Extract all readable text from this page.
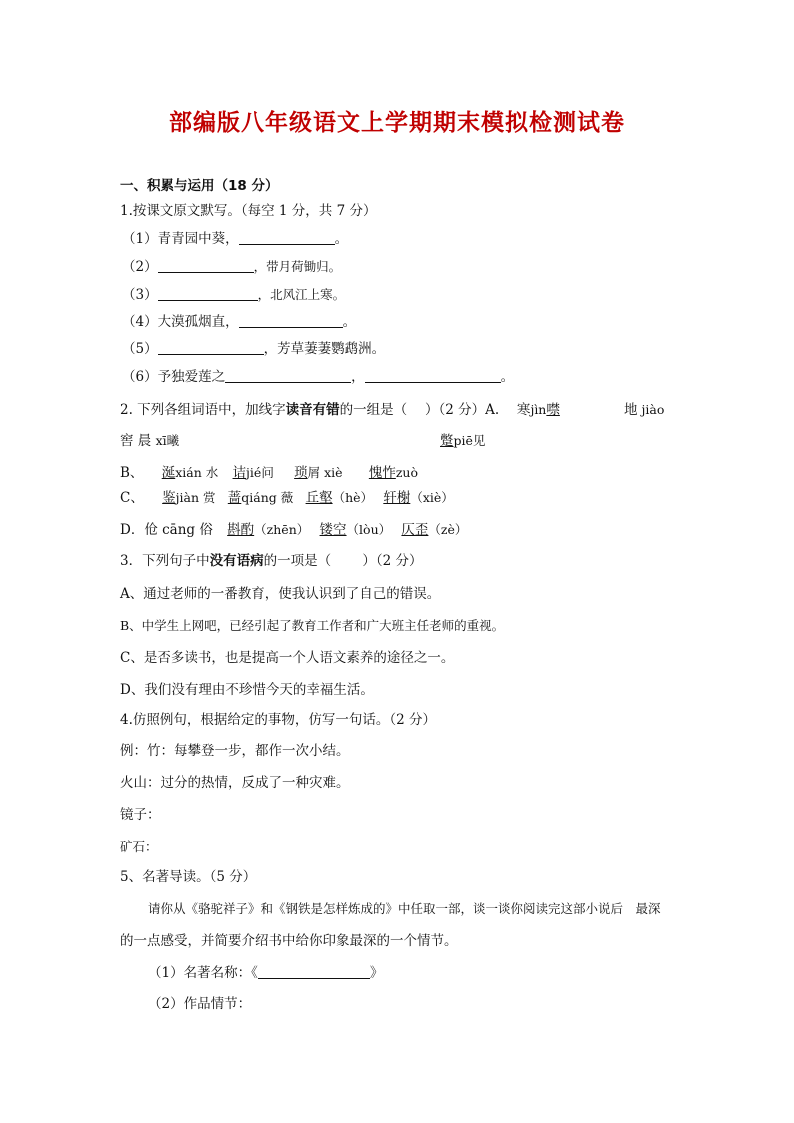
部编版八年级语文上学期期末模拟检测试卷
一、积累与运用（18 分）
1.按课文原文默写。（每空 1 分，共 7 分）
（1）青青园中葵，	。
（2）	，带月荷锄归。
（3）	，北风江上寒。
（4）大漠孤烟直，	。
（5）	，芳草萋萋鹦鹉洲。
（6）予独爱莲之	，	。
2. 下列各组词语中，加线字读音有错的一组是（　 ）（2 分）A.　 寒jìn噤	地 jiào
窖 晨 xī曦	蹩piē见
B、 涎xián 水 诘jié问 琐屑 xiè 愧怍zuò
C、 鉴jiàn 赏 蔷qiáng 薇 丘壑（hè） 轩榭（xiè）
D．伧 cāng 俗 斟酌（zhēn） 镂空（lòu） 仄歪（zè）
3．下列句子中没有语病的一项是（　　 ）（2 分）
A、通过老师的一番教育，使我认识到了自己的错误。
B、中学生上网吧，已经引起了教育工作者和广大班主任老师的重视。
C、是否多读书，也是提高一个人语文素养的途径之一。
D、我们没有理由不珍惜今天的幸福生活。
4.仿照例句，根据给定的事物，仿写一句话。（2 分）
例：竹：每攀登一步，都作一次小结。
火山：过分的热情，反成了一种灾难。
镜子：
矿石：
5、名著导读。（5 分）
请你从《骆驼祥子》和《钢铁是怎样炼成的》中任取一部，谈一谈你阅读完这部小说后　最深
的一点感受，并简要介绍书中给你印象最深的一个情节。
（1）名著名称：《	》
（2）作品情节：
